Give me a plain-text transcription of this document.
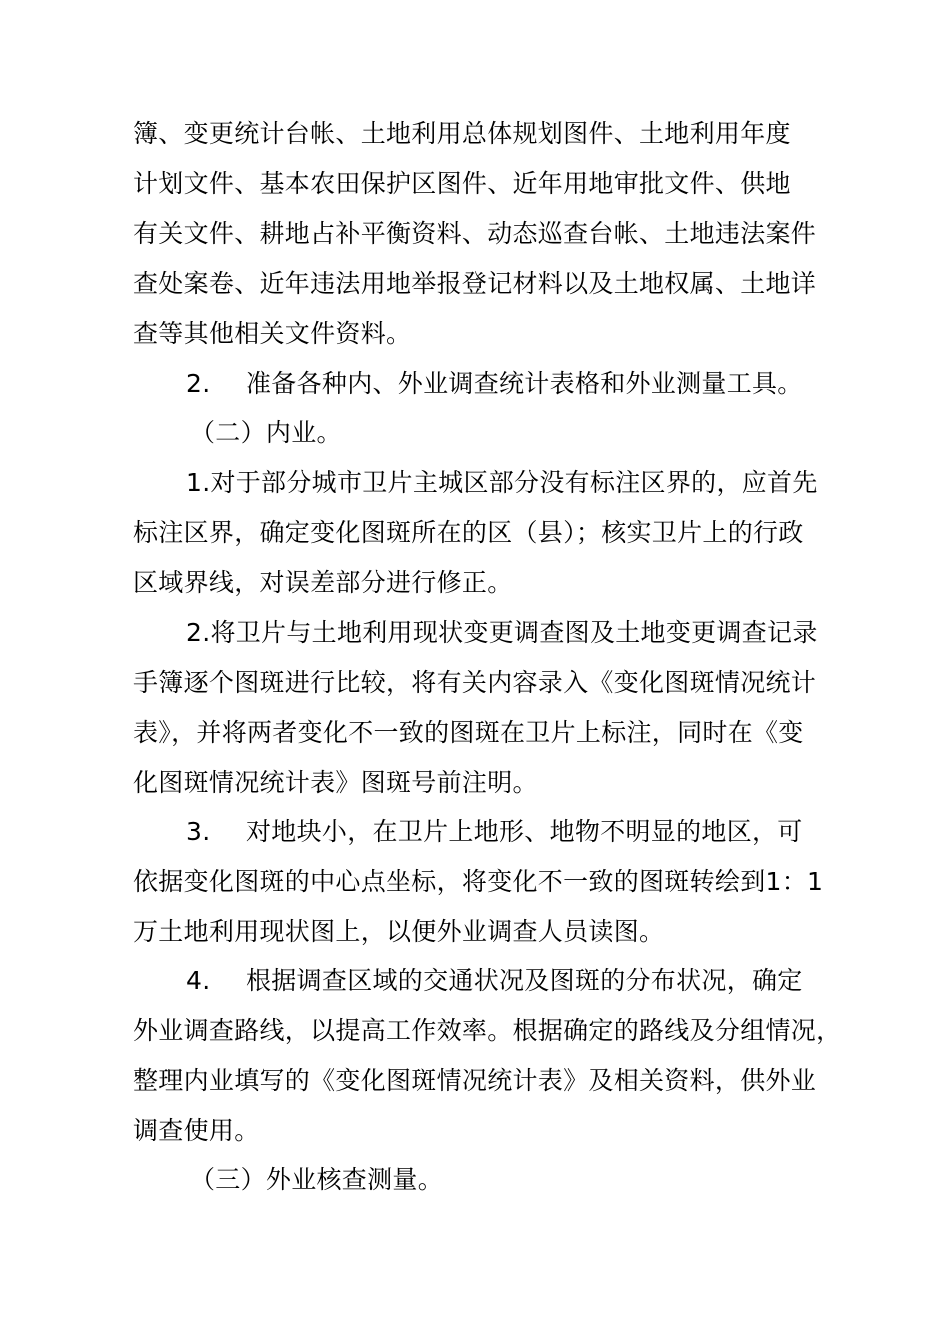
簿、变更统计台帐、土地利用总体规划图件、土地利用年度
计划文件、基本农田保护区图件、近年用地审批文件、供地
有关文件、耕地占补平衡资料、动态巡查台帐、土地违法案件
查处案卷、近年违法用地举报登记材料以及土地权属、土地详
查等其他相关文件资料。
2. 准备各种内、外业调查统计表格和外业测量工具。
（二）内业。
1.对于部分城市卫片主城区部分没有标注区界的，应首先
标注区界，确定变化图斑所在的区（县）；核实卫片上的行政
区域界线，对误差部分进行修正。
2.将卫片与土地利用现状变更调查图及土地变更调查记录
手簿逐个图斑进行比较，将有关内容录入《变化图斑情况统计
表》，并将两者变化不一致的图斑在卫片上标注，同时在《变
化图斑情况统计表》图斑号前注明。
3. 对地块小，在卫片上地形、地物不明显的地区，可
依据变化图斑的中心点坐标，将变化不一致的图斑转绘到1：1
万土地利用现状图上，以便外业调查人员读图。
4. 根据调查区域的交通状况及图斑的分布状况，确定
外业调查路线，以提高工作效率。根据确定的路线及分组情况，
整理内业填写的《变化图斑情况统计表》及相关资料，供外业
调查使用。
（三）外业核查测量。
